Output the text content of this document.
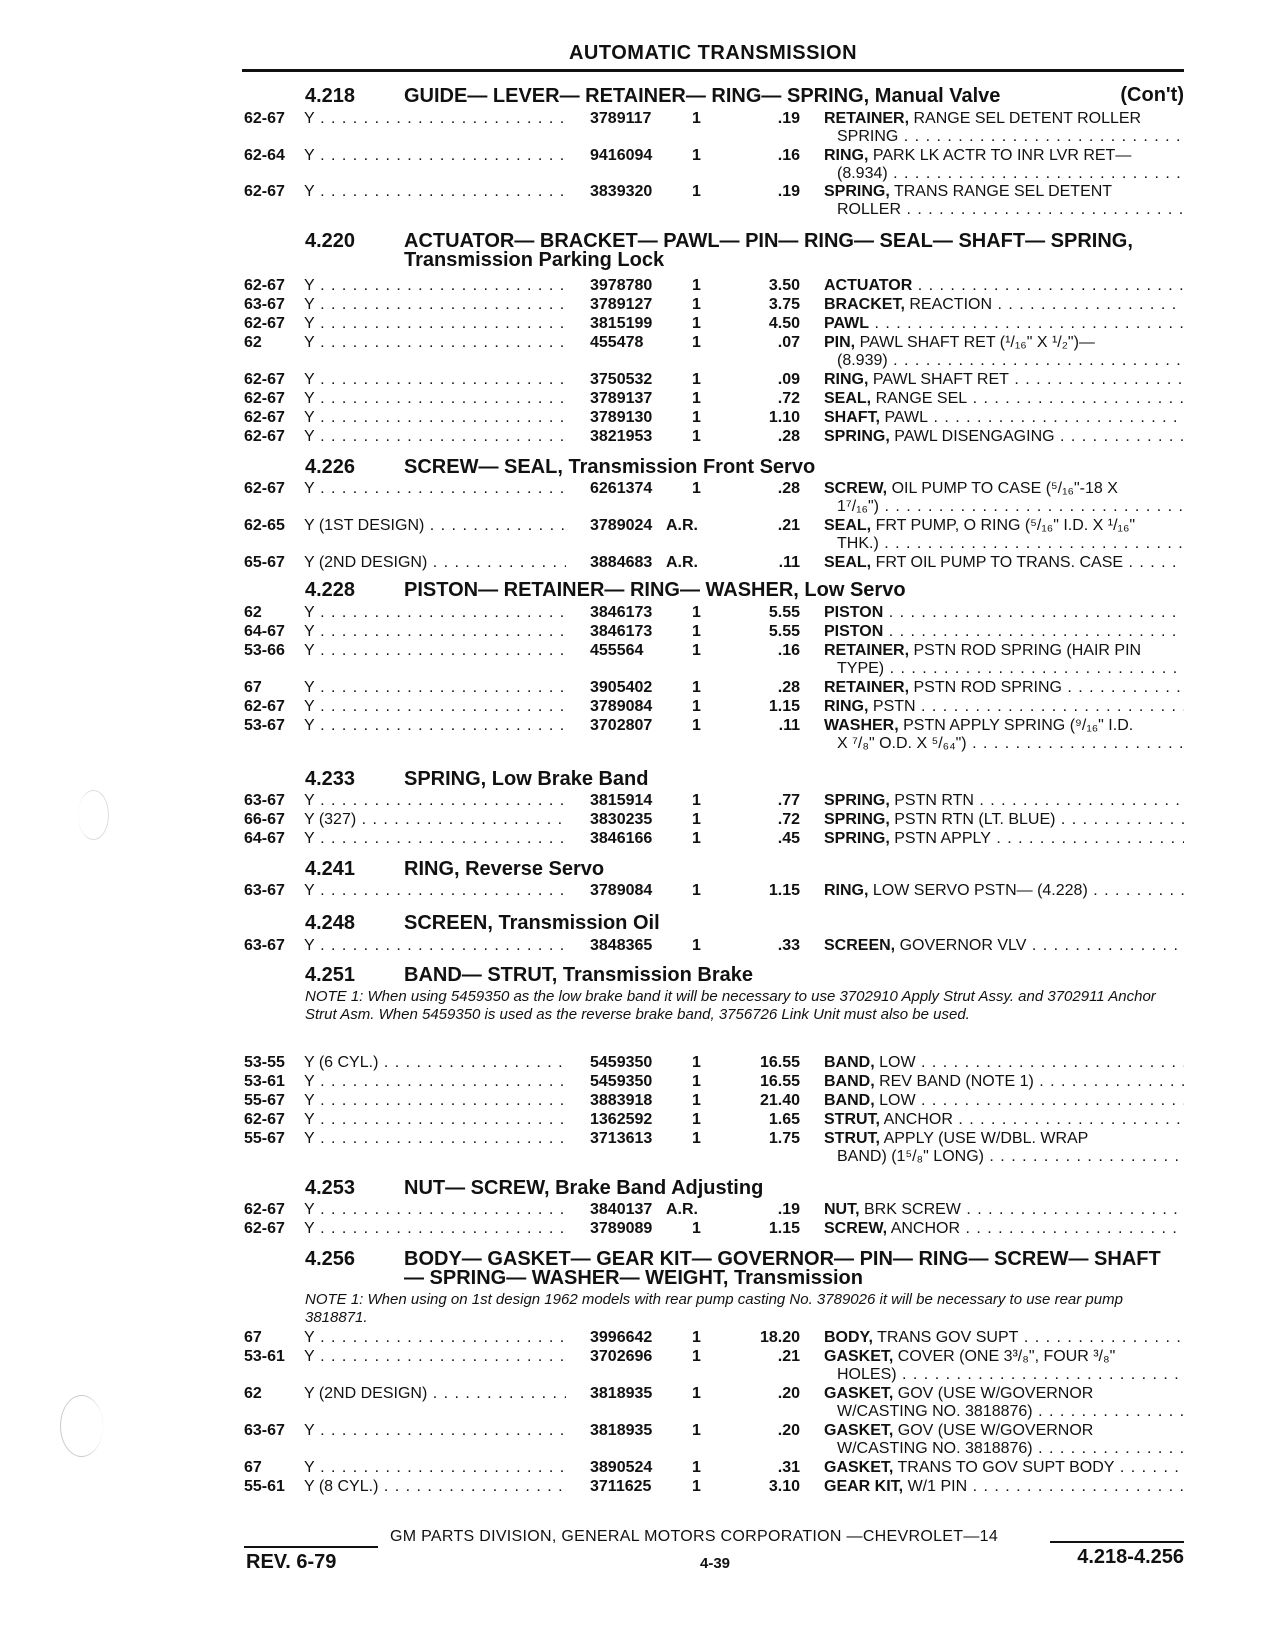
AUTOMATIC TRANSMISSION
4.218 GUIDE— LEVER— RETAINER— RING— SPRING, Manual Valve	(Con't)
62-67 Y . . .	3789117	1	.19 RETAINER, RANGE SEL DETENT ROLLER
SPRING . . .
62-64 Y . . .	9416094 1	.16 RING, PARK LK ACTR TO INR LVR RET—
(8.934) . . .
62-67 Y . . .	3839320 1	.19 SPRING, TRANS RANGE SEL DETENT
ROLLER . . .
4.220 ACTUATOR— BRACKET— PAWL— PIN— RING— SEAL— SHAFT— SPRING, Transmission Parking Lock
62-67 Y . . .	3978780 1	3.50 ACTUATOR . . .
63-67 Y . . .	3789127 1	3.75 BRACKET, REACTION . . .
62-67 Y . . .	3815199 1	4.50 PAWL . . .
62	Y . . .	455478	1	.07 PIN, PAWL SHAFT RET (¹/₁₆" X ¹/₂")—
(8.939) . . .
62-67 Y . . .	3750532 1	.09 RING, PAWL SHAFT RET . . .
62-67 Y . . .	3789137 1	.72 SEAL, RANGE SEL . . .
62-67 Y . . .	3789130 1	1.10 SHAFT, PAWL . . .
62-67 Y . . .	3821953 1	.28 SPRING, PAWL DISENGAGING . . .
4.226 SCREW— SEAL, Transmission Front Servo
62-67 Y . . .	6261374 1	.28 SCREW, OIL PUMP TO CASE (⁵/₁₆"-18 X
1⁷/₁₆") . . .
62-65 Y (1ST DESIGN) . . .	3789024 A.R.	.21 SEAL, FRT PUMP, O RING (⁵/₁₆" I.D. X ¹/₁₆"
THK.) . . .
65-67 Y (2ND DESIGN) . . .	3884683 A.R.	.11 SEAL, FRT OIL PUMP TO TRANS. CASE . . .
4.228 PISTON— RETAINER— RING— WASHER, Low Servo
62	Y . . .	3846173 1	5.55 PISTON . . .
64-67 Y . . .	3846173 1	5.55 PISTON . . .
53-66 Y . . .	455564	1	.16 RETAINER, PSTN ROD SPRING (HAIR PIN
TYPE) . . .
67	Y . . .	3905402 1	.28 RETAINER, PSTN ROD SPRING . . .
62-67 Y . . .	3789084 1	1.15 RING, PSTN . . .
53-67 Y . . .	3702807 1	.11 WASHER, PSTN APPLY SPRING (⁹/₁₆" I.D.
X ⁷/₈" O.D. X ⁵/₆₄") . . .
4.233 SPRING, Low Brake Band
63-67 Y . . .	3815914 1	.77 SPRING, PSTN RTN . . .
66-67 Y (327) . . .	3830235 1	.72 SPRING, PSTN RTN (LT. BLUE) . . .
64-67 Y . . .	3846166 1	.45 SPRING, PSTN APPLY . . .
4.241 RING, Reverse Servo
63-67 Y . . .	3789084 1	1.15 RING, LOW SERVO PSTN— (4.228) . . .
4.248 SCREEN, Transmission Oil
63-67 Y . . .	3848365 1	.33 SCREEN, GOVERNOR VLV . . .
4.251 BAND— STRUT, Transmission Brake
NOTE 1: When using 5459350 as the low brake band it will be necessary to use 3702910 Apply Strut Assy. and 3702911 Anchor Strut Asm. When 5459350 is used as the reverse brake band, 3756726 Link Unit must also be used.
53-55 Y (6 CYL.) . . .	5459350 1	16.55 BAND, LOW . . .
53-61 Y . . .	5459350 1	16.55 BAND, REV BAND (NOTE 1) . . .
55-67 Y . . .	3883918 1	21.40 BAND, LOW . . .
62-67 Y . . .	1362592 1	1.65 STRUT, ANCHOR . . .
55-67 Y . . .	3713613 1	1.75 STRUT, APPLY (USE W/DBL. WRAP
BAND) (1⁵/₈" LONG) . . .
4.253 NUT— SCREW, Brake Band Adjusting
62-67 Y . . .	3840137 A.R.	.19 NUT, BRK SCREW . . .
62-67 Y . . .	3789089 1	1.15 SCREW, ANCHOR . . .
4.256 BODY— GASKET— GEAR KIT— GOVERNOR— PIN— RING— SCREW— SHAFT— SPRING— WASHER— WEIGHT, Transmission
NOTE 1: When using on 1st design 1962 models with rear pump casting No. 3789026 it will be necessary to use rear pump 3818871.
67	Y . . .	3996642 1	18.20 BODY, TRANS GOV SUPT . . .
53-61 Y . . .	3702696 1	.21 GASKET, COVER (ONE 3³/₈", FOUR ³/₈"
HOLES) . . .
62	Y (2ND DESIGN) . . .	3818935 1	.20 GASKET, GOV (USE W/GOVERNOR
W/CASTING NO. 3818876) . . .
63-67 Y . . .	3818935 1	.20 GASKET, GOV (USE W/GOVERNOR
W/CASTING NO. 3818876) . . .
67	Y . . .	3890524 1	.31 GASKET, TRANS TO GOV SUPT BODY . . .
55-61 Y (8 CYL.) . . .	3711625	1	3.10 GEAR KIT, W/1 PIN . . .
GM PARTS DIVISION, GENERAL MOTORS CORPORATION —CHEVROLET—14
REV. 6-79	4-39	4.218-4.256
